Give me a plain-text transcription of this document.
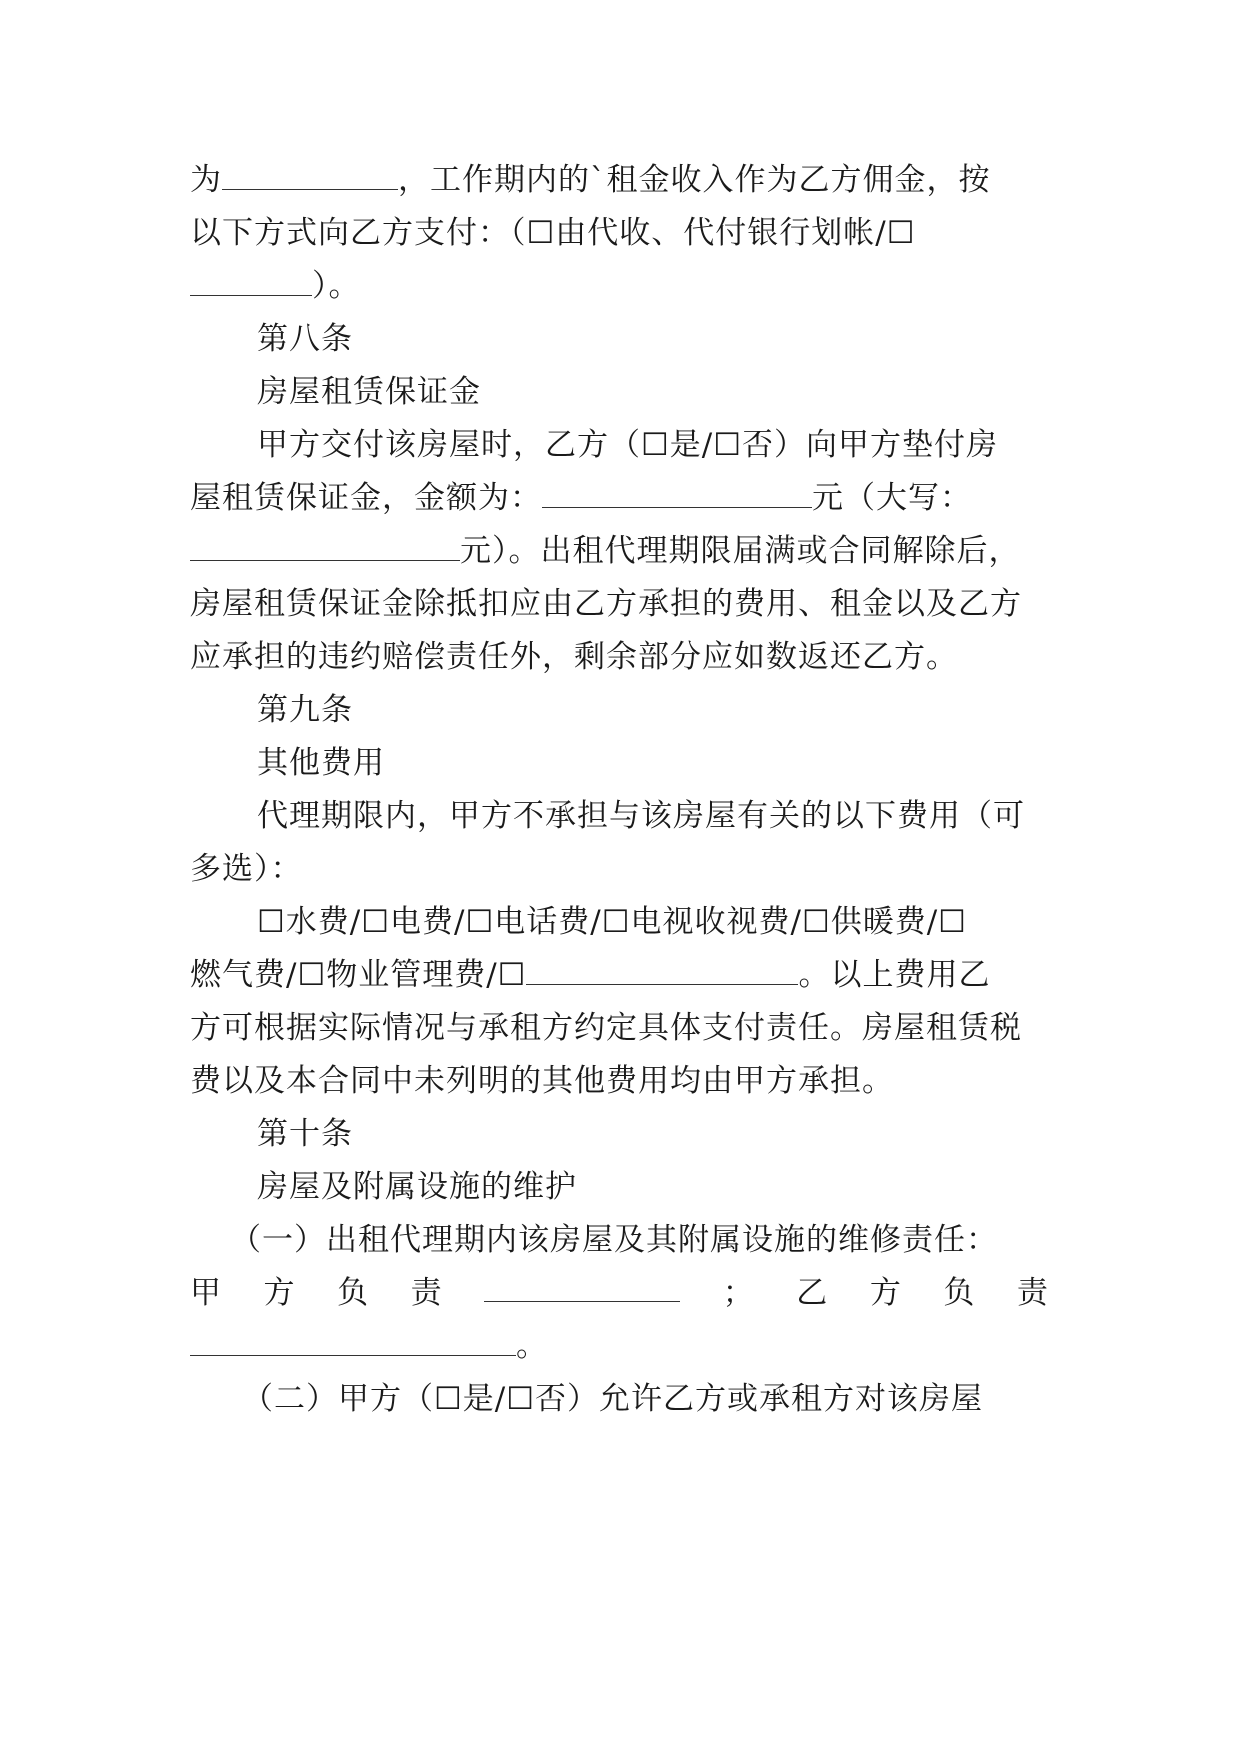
为	，工作期内的`租金收入作为乙方佣金，按
以下方式向乙方支付：（☐由代收、代付银行划帐/☐
）。
第八条
房屋租赁保证金
甲方交付该房屋时，乙方（☐是/☐否）向甲方垫付房
屋租赁保证金，金额为：	元（大写：
元）。出租代理期限届满或合同解除后，
房屋租赁保证金除抵扣应由乙方承担的费用、租金以及乙方
应承担的违约赔偿责任外，剩余部分应如数返还乙方。
第九条
其他费用
代理期限内，甲方不承担与该房屋有关的以下费用（可
多选）：
☐水费/☐电费/☐电话费/☐电视收视费/☐供暖费/☐
燃气费/☐物业管理费/☐	。以上费用乙
方可根据实际情况与承租方约定具体支付责任。房屋租赁税
费以及本合同中未列明的其他费用均由甲方承担。
第十条
房屋及附属设施的维护
（一）出租代理期内该房屋及其附属设施的维修责任：
甲 方 负 责	； 乙 方 负 责
。
（二）甲方（☐是/☐否）允许乙方或承租方对该房屋
